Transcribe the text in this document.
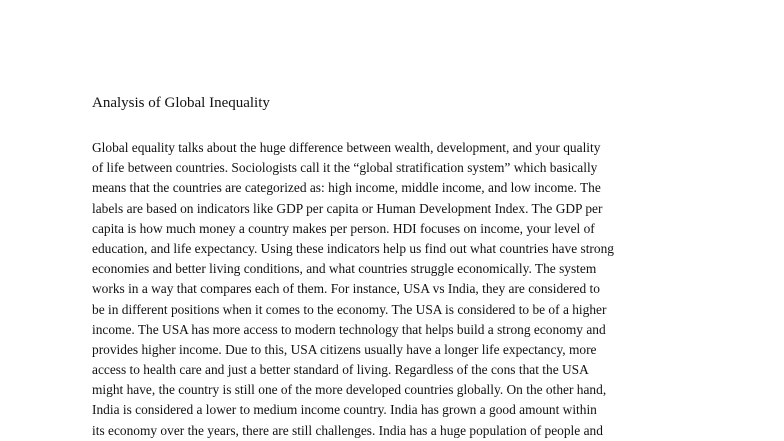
Analysis of Global Inequality
Global equality talks about the huge difference between wealth, development, and your quality
of life between countries. Sociologists call it the “global stratification system” which basically
means that the countries are categorized as: high income, middle income, and low income. The
labels are based on indicators like GDP per capita or Human Development Index. The GDP per
capita is how much money a country makes per person. HDI focuses on income, your level of
education, and life expectancy. Using these indicators help us find out what countries have strong
economies and better living conditions, and what countries struggle economically. The system
works in a way that compares each of them. For instance, USA vs India, they are considered to
be in different positions when it comes to the economy. The USA is considered to be of a higher
income. The USA has more access to modern technology that helps build a strong economy and
provides higher income. Due to this, USA citizens usually have a longer life expectancy, more
access to health care and just a better standard of living. Regardless of the cons that the USA
might have, the country is still one of the more developed countries globally. On the other hand,
India is considered a lower to medium income country. India has grown a good amount within
its economy over the years, there are still challenges. India has a huge population of people and
